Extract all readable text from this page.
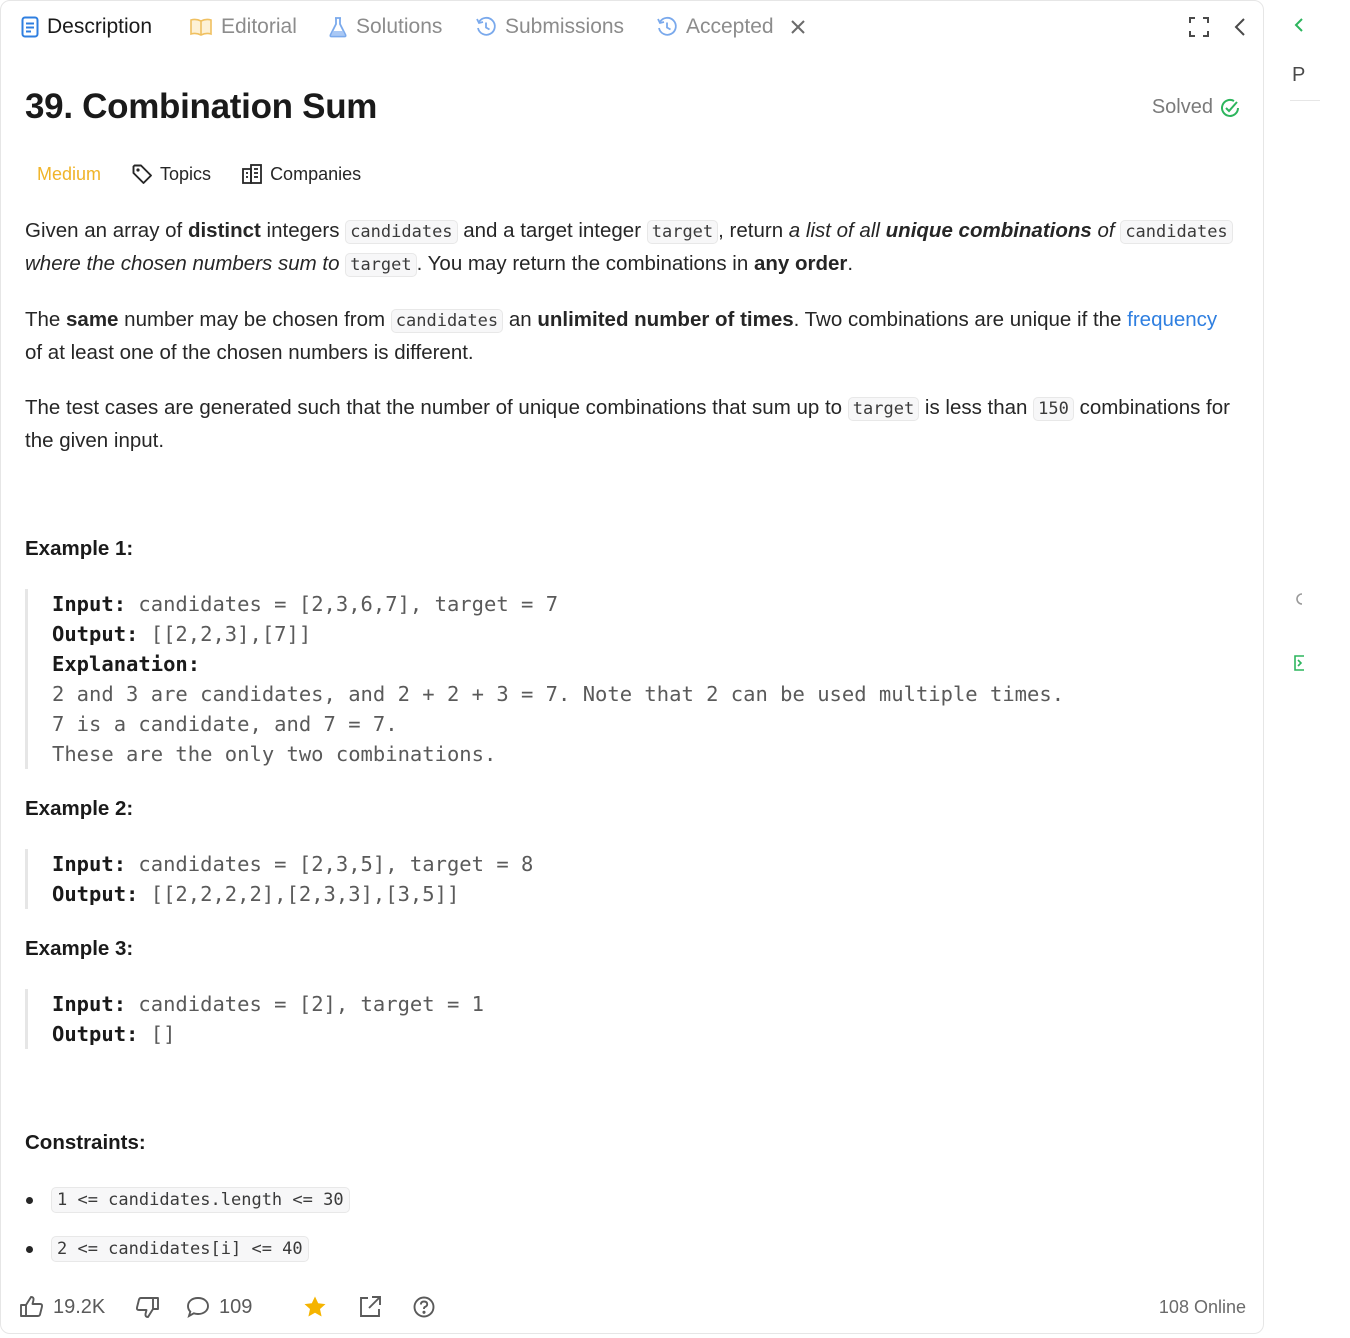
Description	Editorial	Solutions	Submissions	Accepted
39. Combination Sum	Solved
Medium	Topics	Companies

Given an array of distinct integers candidates and a target integer target , return a list of all unique combinations of candidates where the chosen numbers sum to target . You may return the combinations in any order.

The same number may be chosen from candidates an unlimited number of times. Two combinations are unique if the frequency of at least one of the chosen numbers is different.

The test cases are generated such that the number of unique combinations that sum up to target is less than 150 combinations for the given input.

Example 1:
Input: candidates = [2,3,6,7], target = 7
Output: [[2,2,3],[7]]
Explanation:
2 and 3 are candidates, and 2 + 2 + 3 = 7. Note that 2 can be used multiple times.
7 is a candidate, and 7 = 7.
These are the only two combinations.
Example 2:
Input: candidates = [2,3,5], target = 8
Output: [[2,2,2,2],[2,3,3],[3,5]]
Example 3:
Input: candidates = [2], target = 1
Output: []
Constraints:
1 <= candidates.length <= 30
2 <= candidates[i] <= 40
19.2K	109	108 Online
P
